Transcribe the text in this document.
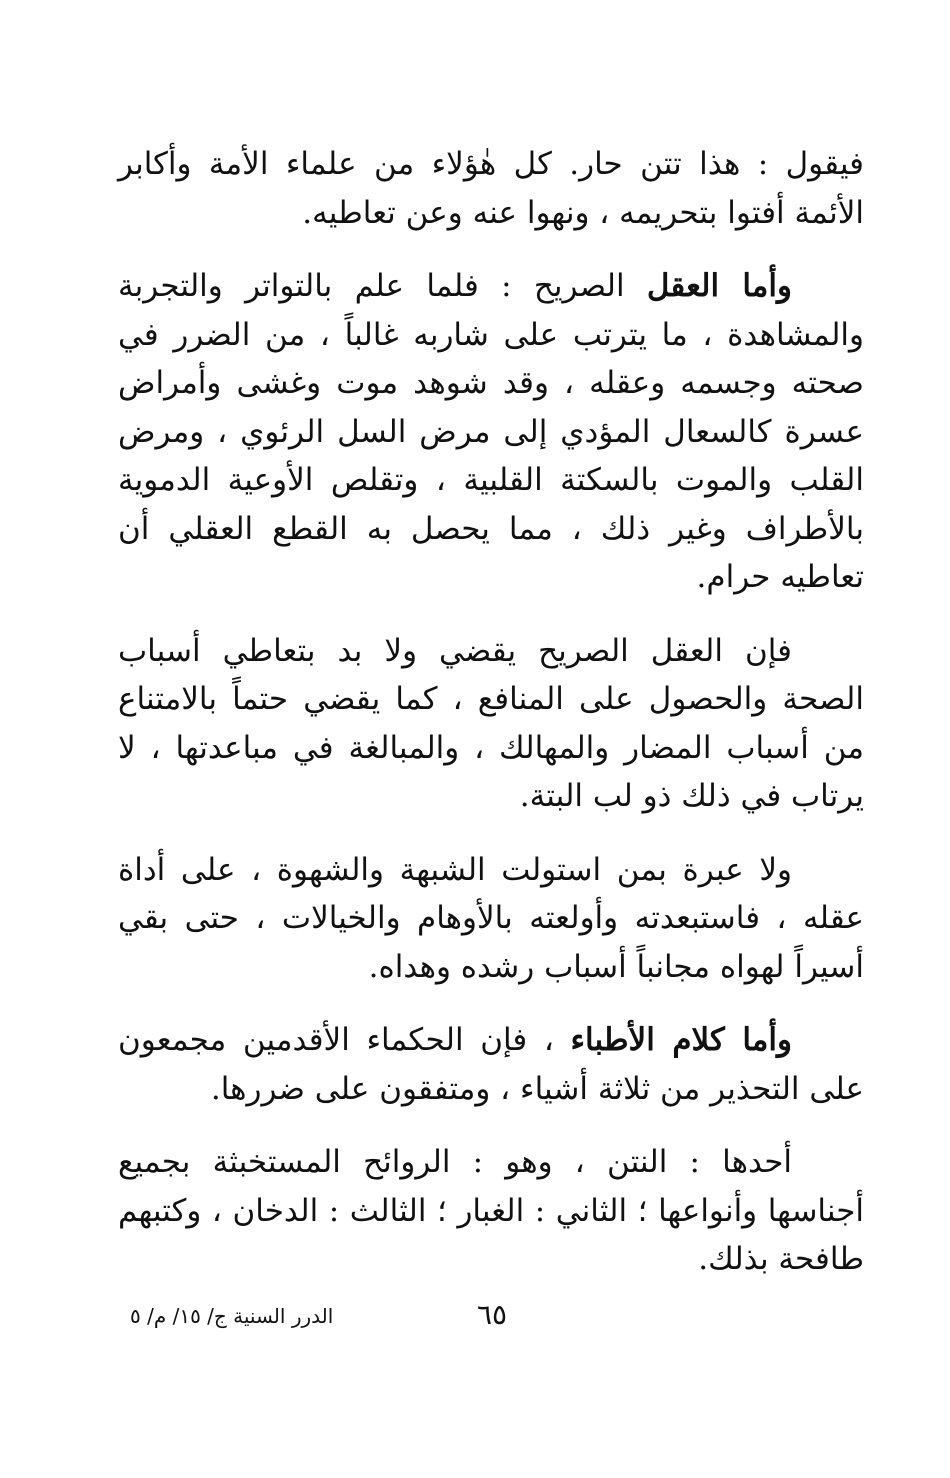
فيقول : هذا تتن حار. كل هٰؤلاء من علماء الأمة وأكابر الأئمة أفتوا بتحريمه ، ونهوا عنه وعن تعاطيه.

وأما العقل الصريح : فلما علم بالتواتر والتجربة والمشاهدة ، ما يترتب على شاربه غالباً ، من الضرر في صحته وجسمه وعقله ، وقد شوهد موت وغشى وأمراض عسرة كالسعال المؤدي إلى مرض السل الرئوي ، ومرض القلب والموت بالسكتة القلبية ، وتقلص الأوعية الدموية بالأطراف وغير ذلك ، مما يحصل به القطع العقلي أن تعاطيه حرام.

فإن العقل الصريح يقضي ولا بد بتعاطي أسباب الصحة والحصول على المنافع ، كما يقضي حتماً بالامتناع من أسباب المضار والمهالك ، والمبالغة في مباعدتها ، لا يرتاب في ذلك ذو لب البتة.

ولا عبرة بمن استولت الشبهة والشهوة ، على أداة عقله ، فاستبعدته وأولعته بالأوهام والخيالات ، حتى بقي أسيراً لهواه مجانباً أسباب رشده وهداه.

وأما كلام الأطباء ، فإن الحكماء الأقدمين مجمعون على التحذير من ثلاثة أشياء ، ومتفقون على ضررها.

أحدها : النتن ، وهو : الروائح المستخبثة بجميع أجناسها وأنواعها ؛ الثاني : الغبار ؛ الثالث : الدخان ، وكتبهم طافحة بذلك.

٦٥
الدرر السنية ج/ ١٥/ م/ ٥
